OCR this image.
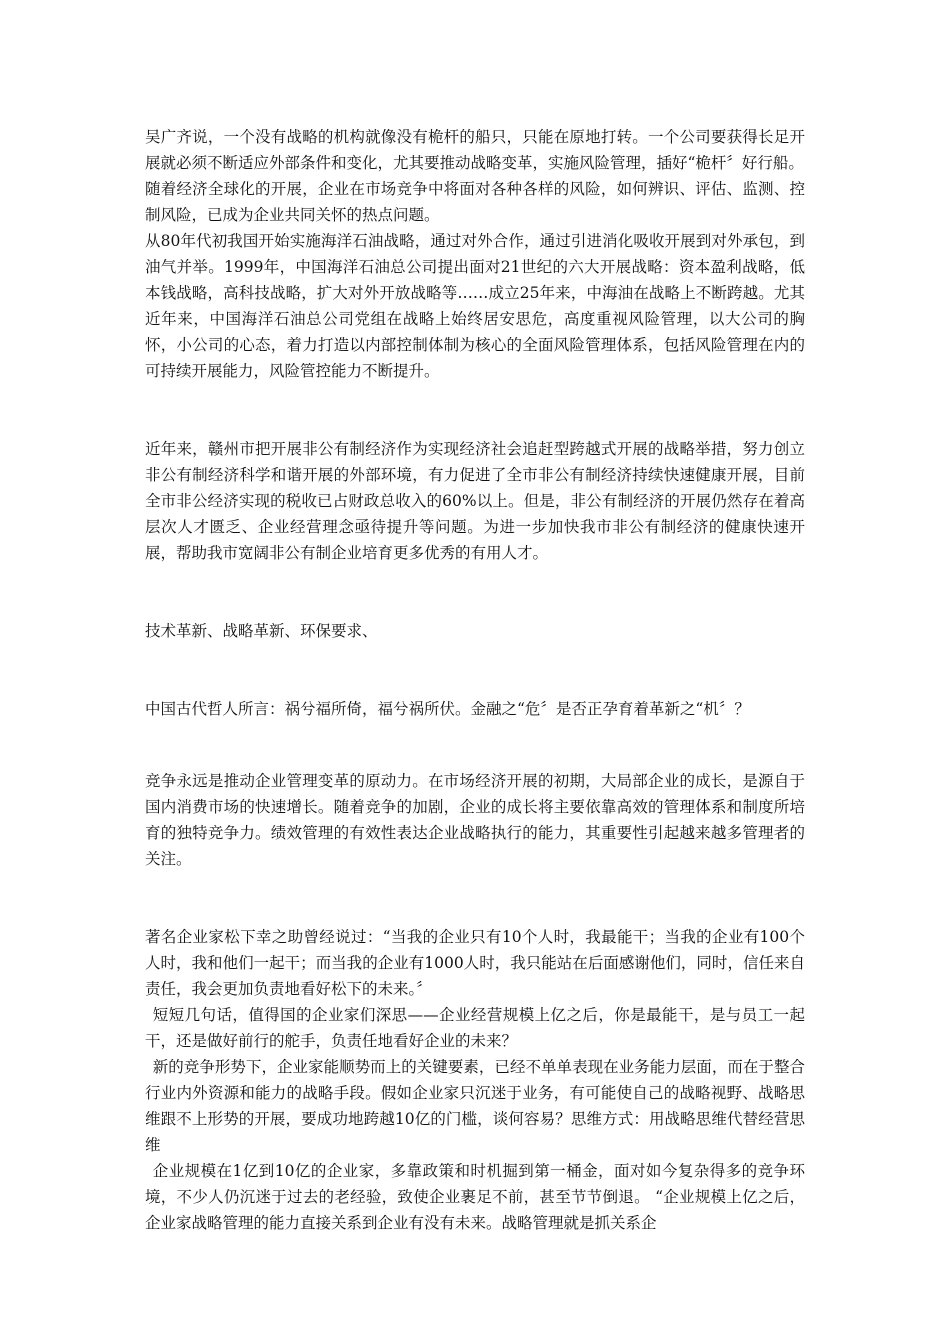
吴广齐说，一个没有战略的机构就像没有桅杆的船只，只能在原地打转。一个公司要获得长足开展就必须不断适应外部条件和变化，尤其要推动战略变革，实施风险管理，插好“桅杆〞好行船。

随着经济全球化的开展，企业在市场竞争中将面对各种各样的风险，如何辨识、评估、监测、控制风险，已成为企业共同关怀的热点问题。

从80年代初我国开始实施海洋石油战略，通过对外合作，通过引进消化吸收开展到对外承包，到油气并举。1999年，中国海洋石油总公司提出面对21世纪的六大开展战略：资本盈利战略，低本钱战略，高科技战略，扩大对外开放战略等……成立25年来，中海油在战略上不断跨越。尤其近年来，中国海洋石油总公司党组在战略上始终居安思危，高度重视风险管理，以大公司的胸怀，小公司的心态，着力打造以内部控制体制为核心的全面风险管理体系，包括风险管理在内的可持续开展能力，风险管控能力不断提升。

近年来，赣州市把开展非公有制经济作为实现经济社会追赶型跨越式开展的战略举措，努力创立非公有制经济科学和谐开展的外部环境，有力促进了全市非公有制经济持续快速健康开展，目前全市非公经济实现的税收已占财政总收入的60%以上。但是，非公有制经济的开展仍然存在着高层次人才匮乏、企业经营理念亟待提升等问题。为进一步加快我市非公有制经济的健康快速开展，帮助我市宽阔非公有制企业培育更多优秀的有用人才。

技术革新、战略革新、环保要求、

中国古代哲人所言：祸兮福所倚，福兮祸所伏。金融之“危〞是否正孕育着革新之“机〞？

竞争永远是推动企业管理变革的原动力。在市场经济开展的初期，大局部企业的成长，是源自于国内消费市场的快速增长。随着竞争的加剧，企业的成长将主要依靠高效的管理体系和制度所培育的独特竞争力。绩效管理的有效性表达企业战略执行的能力，其重要性引起越来越多管理者的关注。

著名企业家松下幸之助曾经说过：“当我的企业只有10个人时，我最能干；当我的企业有100个人时，我和他们一起干；而当我的企业有1000人时，我只能站在后面感谢他们，同时，信任来自责任，我会更加负责地看好松下的未来。〞

短短几句话，值得国的企业家们深思——企业经营规模上亿之后，你是最能干，是与员工一起干，还是做好前行的舵手，负责任地看好企业的未来？

新的竞争形势下，企业家能顺势而上的关键要素，已经不单单表现在业务能力层面，而在于整合行业内外资源和能力的战略手段。假如企业家只沉迷于业务，有可能使自己的战略视野、战略思维跟不上形势的开展，要成功地跨越10亿的门槛，谈何容易？思维方式：用战略思维代替经营思维

企业规模在1亿到10亿的企业家，多靠政策和时机掘到第一桶金，面对如今复杂得多的竞争环境，不少人仍沉迷于过去的老经验，致使企业裹足不前，甚至节节倒退。 “企业规模上亿之后，企业家战略管理的能力直接关系到企业有没有未来。战略管理就是抓关系企
